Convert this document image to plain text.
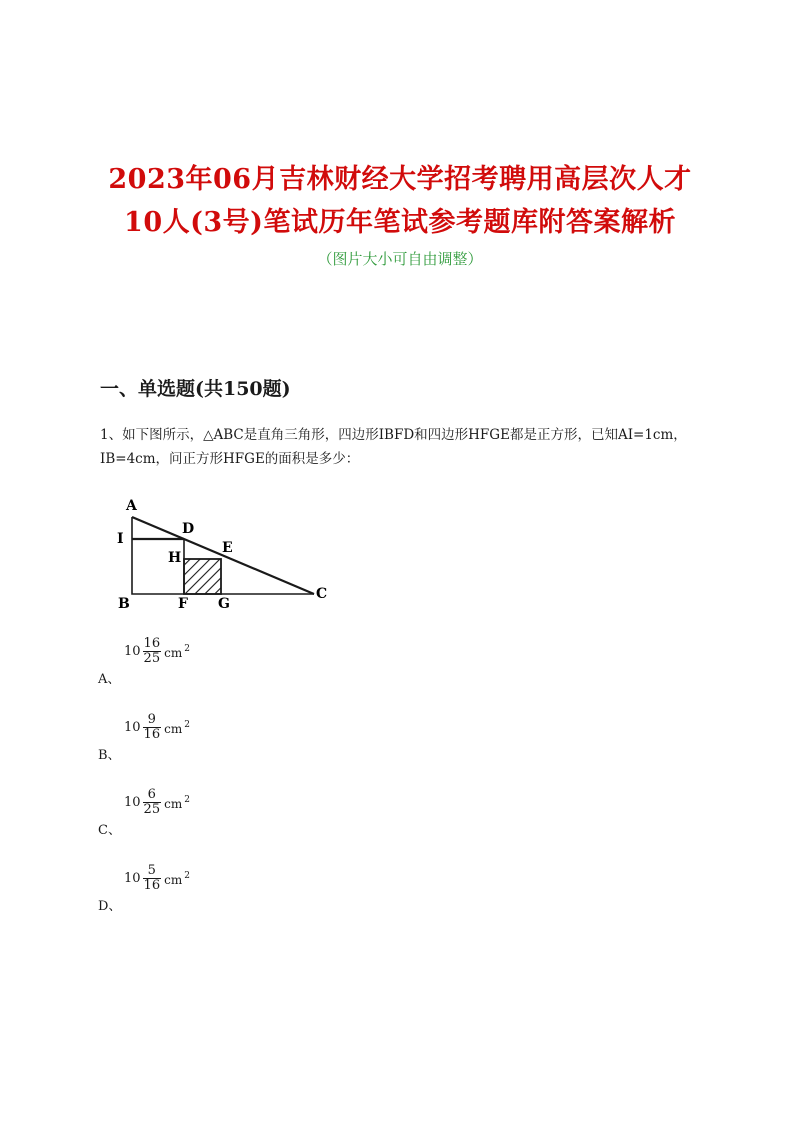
2023年06月吉林财经大学招考聘用高层次人才
10人(3号)笔试历年笔试参考题库附答案解析
（图片大小可自由调整）
一、单选题(共150题)
1、如下图所示，△ABC是直角三角形，四边形IBFD和四边形HFGE都是正方形，已知AI=1cm，IB=4cm，问正方形HFGE的面积是多少：
A
I
D
H
E
B	F G
C
$10 \frac{16}{25}$ cm $^2$
A、
$10 \frac{9}{16}$ cm $^2$
B、
$10 \frac{6}{25}$ cm $^2$
C、
$10 \frac{5}{16}$ cm $^2$
D、
